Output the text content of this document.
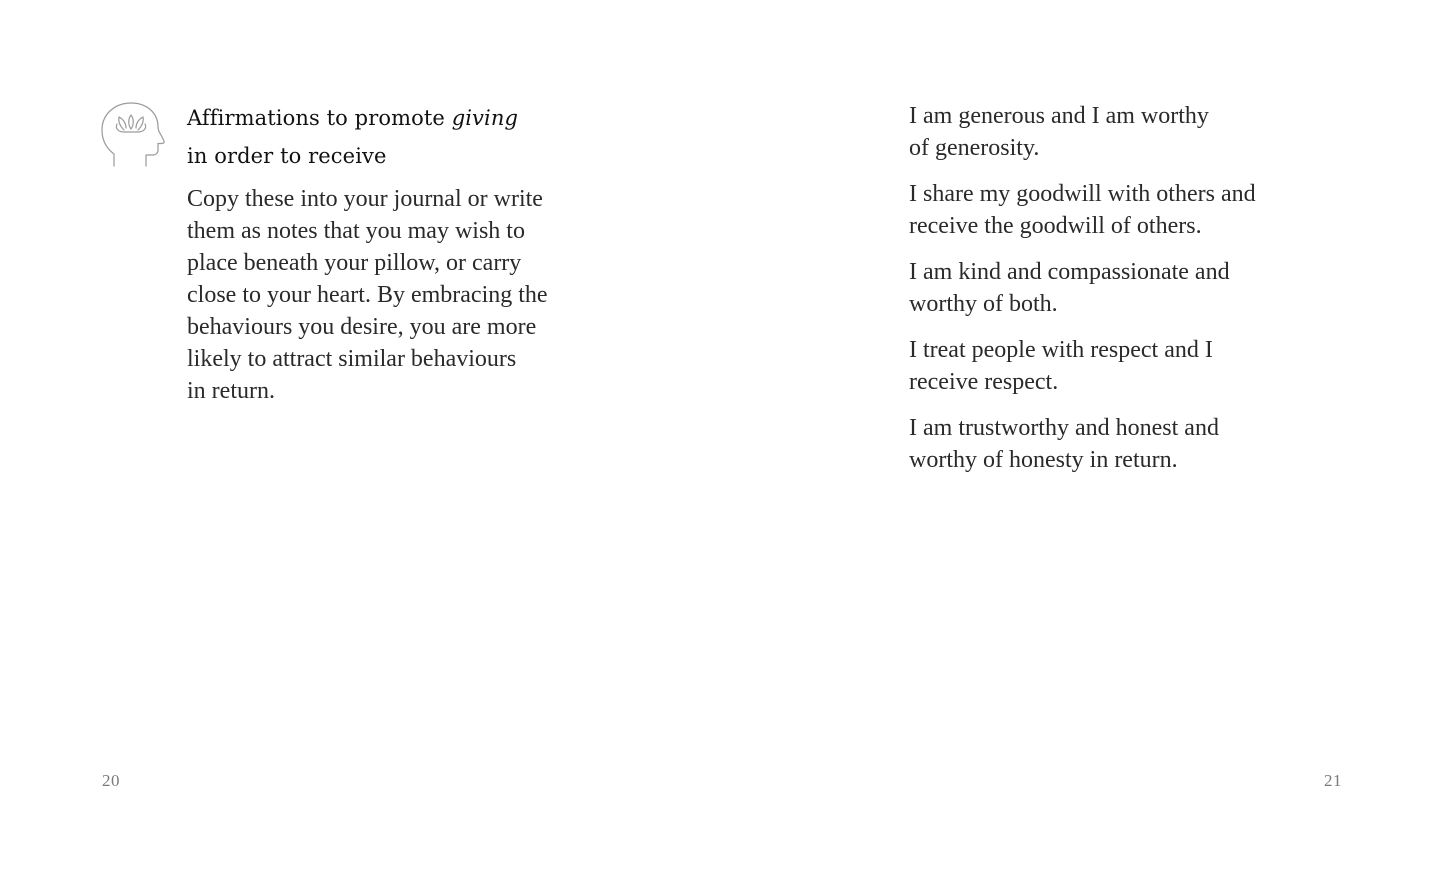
Affirmations to promote giving
in order to receive

Copy these into your journal or write
them as notes that you may wish to
place beneath your pillow, or carry
close to your heart. By embracing the
behaviours you desire, you are more
likely to attract similar behaviours
in return.

20
I am generous and I am worthy
of generosity.
I share my goodwill with others and
receive the goodwill of others.
I am kind and compassionate and
worthy of both.
I treat people with respect and I
receive respect.
I am trustworthy and honest and
worthy of honesty in return.
21
